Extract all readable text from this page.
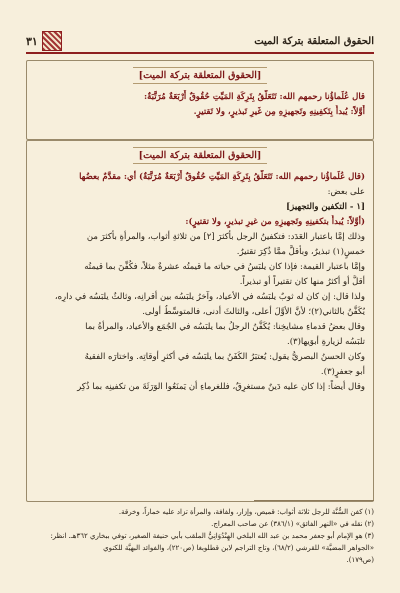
الحقوق المتعلقة بتركة الميت
٣١
[الحقوق المتعلقة بتركة الميت]
قال عُلَماؤُنا رحمهم الله: تَتَعَلَّقُ بِتَرِكَةِ المَيِّتِ حُقُوقٌ أَرْبَعَةٌ مُرَتَّبَةٌ:
أَوَّلاً: يُبدأُ بِتَكفِينِهِ وتَجهيزِهِ مِن غَيرِ تَبذيرٍ، ولا تَقتيرٍ.
[الحقوق المتعلقة بتركة الميت]
(قال عُلَماؤُنا رحمهم الله: تَتَعَلَّقُ بِتَرِكَةِ المَيِّتِ حُقُوقٌ أَرْبَعَةٌ مُرَتَّبَةٌ) أي: مقدَّمٌ بعضُها
على بعض:
[١ - التكفين والتجهيز]
(أوَّلاً: يُبدأُ بتكفينِهِ وتَجهيزِهِ من غيرِ تبذيرٍ، ولا تقتيرٍ):
وذلك إمَّا باعتبار العَدَد: فتكفينُ الرجل بأكثرَ [٢] من ثلاثةِ أثواب، والمرأةِ بأكثرَ من
خمسٍ(١) تبذيرٌ، وبأقلَّ ممَّا ذُكِرَ تقتيرٌ.
وإمَّا باعتبار القيمة: فإذا كان يلبَسُ في حياته ما قيمتُه عشرةٌ مثلاً، فكُفِّنَ بما قيمتُه
أقلُّ أو أكثرُ منها كان تقتيراً أو تبذيراً.
ولذا قال: إن كان له ثوبٌ يلبَسُه في الأعياد، وآخرُ يلبَسُه بين أقرانِه، وثالثٌ يلبَسُه في دارِه،
يُكَفَّنُ بالثاني(٢)؛ لأنَّ الأوَّلَ أعلى، والثالثَ أدنى، فالمتوسِّطُ أولى.
وقال بعضُ قدماءِ مشايخِنا: يُكَفَّنُ الرجلُ بما يلبَسُه في الجُمَع والأعياد، والمرأةُ بما
تلبَسُه لزيارةِ أبوَيها(٣).
وكان الحسنُ البصريُّ يقول: يُعتبَرُ الكَفَنُ بما يلبَسُه في أكثرِ أوقاتِه. واختارَه الفقيهُ
أبو جعفرٍ(٣).
وقال أيضاً: إذا كان عليه دَينٌ مستغرِقٌ، فللغرماءِ أن يَمنَعُوا الوَرَثَةَ من تكفينِه بما ذُكِر
(١) كفن السُّنَّة للرجل ثلاثة أثواب: قميص، وإزار، ولفافة، والمرأة تزاد عليه خماراً، وخرقة.
(٢) نقله في «النهر الفائق» (٣٨٦/١) عن صاحب المعراج.
(٣) هو الإمام أبو جعفر محمد بن عبد الله البلخي الهِنْدُوَانِيُّ الملقب بأبي حنيفة الصغير، توفي ببخاري ٣٦٢هـ. انظر:
«الجواهر المضيَّة» للقرشي (٦٨/٢)، وتاج التراجم لابن قطلوبغا (ص٢٢٠)، والفوائد البهيَّة للكنوي
(ص١٧٩).
